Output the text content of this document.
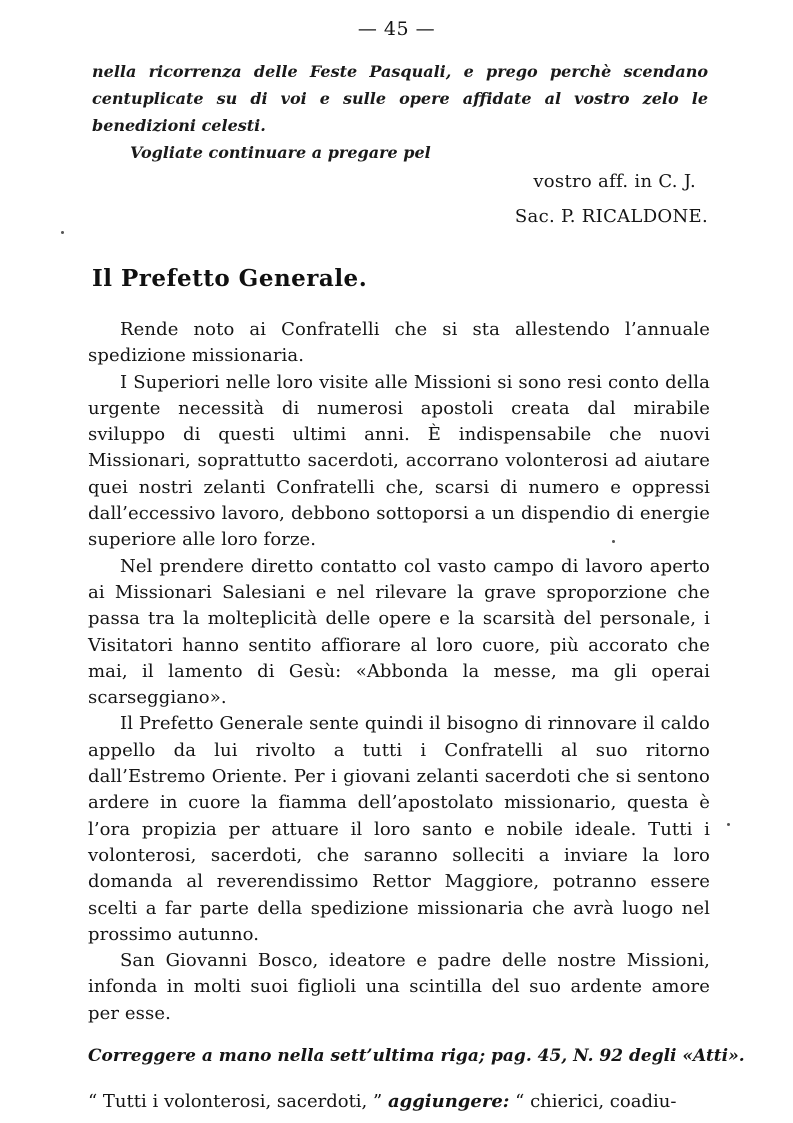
— 45 —

nella ricorrenza delle Feste Pasquali, e prego perchè scendano centuplicate su di voi e sulle opere affidate al vostro zelo le benedizioni celesti.

Vogliate continuare a pregare pel

vostro aff. in C. J.

Sac. P. RICALDONE.

Il Prefetto Generale.

Rende noto ai Confratelli che si sta allestendo l’annuale spedizione missionaria.

I Superiori nelle loro visite alle Missioni si sono resi conto della urgente necessità di numerosi apostoli creata dal mirabile sviluppo di questi ultimi anni. È indispensabile che nuovi Missionari, soprattutto sacerdoti, accorrano volonterosi ad aiutare quei nostri zelanti Confratelli che, scarsi di numero e oppressi dall’eccessivo lavoro, debbono sottoporsi a un dispendio di energie superiore alle loro forze.

Nel prendere diretto contatto col vasto campo di lavoro aperto ai Missionari Salesiani e nel rilevare la grave sproporzione che passa tra la molteplicità delle opere e la scarsità del personale, i Visitatori hanno sentito affiorare al loro cuore, più accorato che mai, il lamento di Gesù: «Abbonda la messe, ma gli operai scarseggiano».

Il Prefetto Generale sente quindi il bisogno di rinnovare il caldo appello da lui rivolto a tutti i Confratelli al suo ritorno dall’Estremo Oriente. Per i giovani zelanti sacerdoti che si sentono ardere in cuore la fiamma dell’apostolato missionario, questa è l’ora propizia per attuare il loro santo e nobile ideale. Tutti i volonterosi, sacerdoti, che saranno solleciti a inviare la loro domanda al reverendissimo Rettor Maggiore, potranno essere scelti a far parte della spedizione missionaria che avrà luogo nel prossimo autunno.

San Giovanni Bosco, ideatore e padre delle nostre Missioni, infonda in molti suoi figlioli una scintilla del suo ardente amore per esse.

Correggere a mano nella sett’ultima riga; pag. 45, N. 92 degli «Atti».

“ Tutti i volonterosi, sacerdoti, ” aggiungere: “ chierici, coadiu-
